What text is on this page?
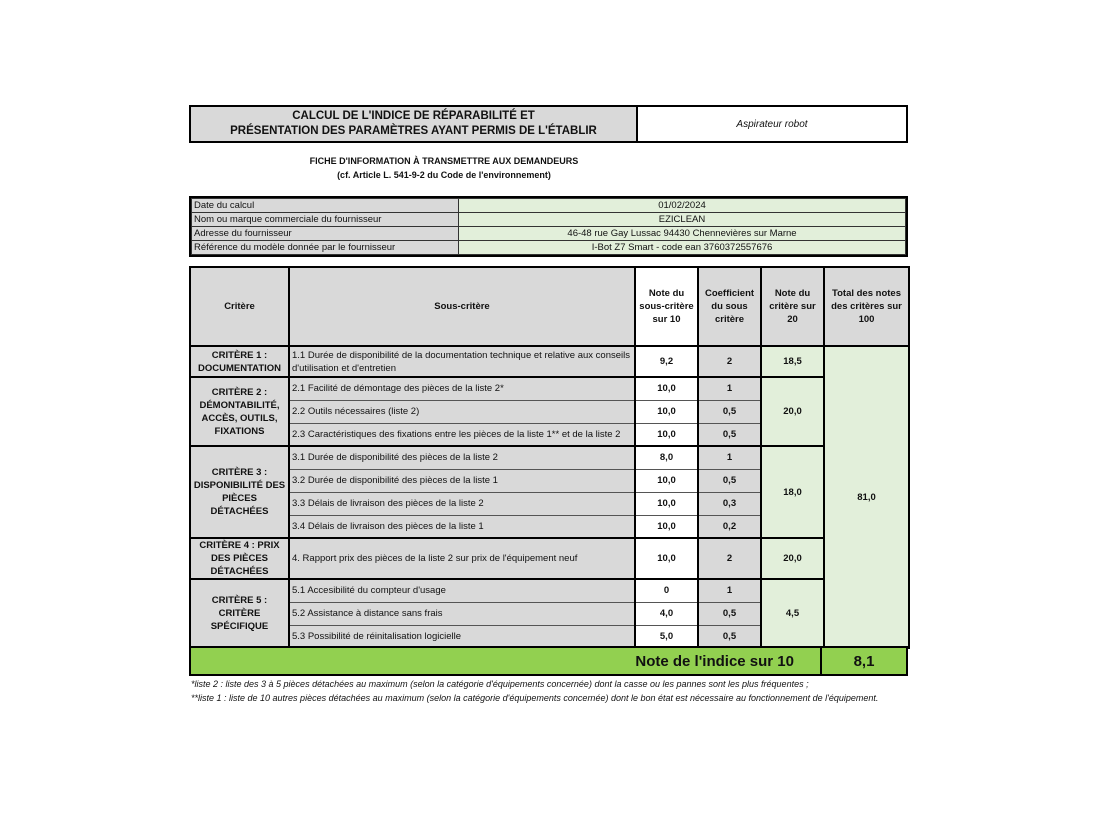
CALCUL DE L'INDICE DE RÉPARABILITÉ ET
PRÉSENTATION DES PARAMÈTRES AYANT PERMIS DE L'ÉTABLIR
Aspirateur robot
FICHE D'INFORMATION À TRANSMETTRE AUX DEMANDEURS
(cf. Article L. 541-9-2 du Code de l'environnement)
Date du calcul	01/02/2024
Nom ou marque commerciale du fournisseur	EZICLEAN
Adresse du fournisseur	46-48 rue Gay Lussac 94430 Chennevières sur Marne
Référence du modèle donnée par le fournisseur	I-Bot Z7 Smart - code ean 3760372557676
Critère	Sous-critère	Note du sous-critère sur 10	Coefficient du sous critère	Note du critère sur 20	Total des notes des critères sur 100
CRITÈRE 1 : DOCUMENTATION	1.1 Durée de disponibilité de la documentation technique et relative aux conseils d'utilisation et d'entretien	9,2	2	18,5	81,0
CRITÈRE 2 : DÉMONTABILITÉ, ACCÈS, OUTILS, FIXATIONS	2.1 Facilité de démontage des pièces de la liste 2*	10,0	1	20,0	
	2.2 Outils nécessaires (liste 2)	10,0	0,5		
	2.3 Caractéristiques des fixations entre les pièces de la liste 1** et de la liste 2	10,0	0,5		
CRITÈRE 3 : DISPONIBILITÉ DES PIÈCES DÉTACHÉES	3.1 Durée de disponibilité des pièces de la liste 2	8,0	1	18,0	
	3.2 Durée de disponibilité des pièces de la liste 1	10,0	0,5		
	3.3 Délais de livraison des pièces de la liste 2	10,0	0,3		
	3.4 Délais de livraison des pièces de la liste 1	10,0	0,2		
CRITÈRE 4 : PRIX DES PIÈCES DÉTACHÉES	4. Rapport prix des pièces de la liste 2 sur prix de l'équipement neuf	10,0	2	20,0	
CRITÈRE 5 : CRITÈRE SPÉCIFIQUE	5.1 Accesibilité du compteur d'usage	0	1	4,5	
	5.2 Assistance à distance sans frais	4,0	0,5		
	5.3 Possibilité de réinitalisation logicielle	5,0	0,5		
Note de l'indice sur 10	8,1
*liste 2 : liste des 3 à 5 pièces détachées au maximum (selon la catégorie d'équipements concernée) dont la casse ou les pannes sont les plus fréquentes ;
**liste 1 : liste de 10 autres pièces détachées au maximum (selon la catégorie d'équipements concernée) dont le bon état est nécessaire au fonctionnement de l'équipement.
